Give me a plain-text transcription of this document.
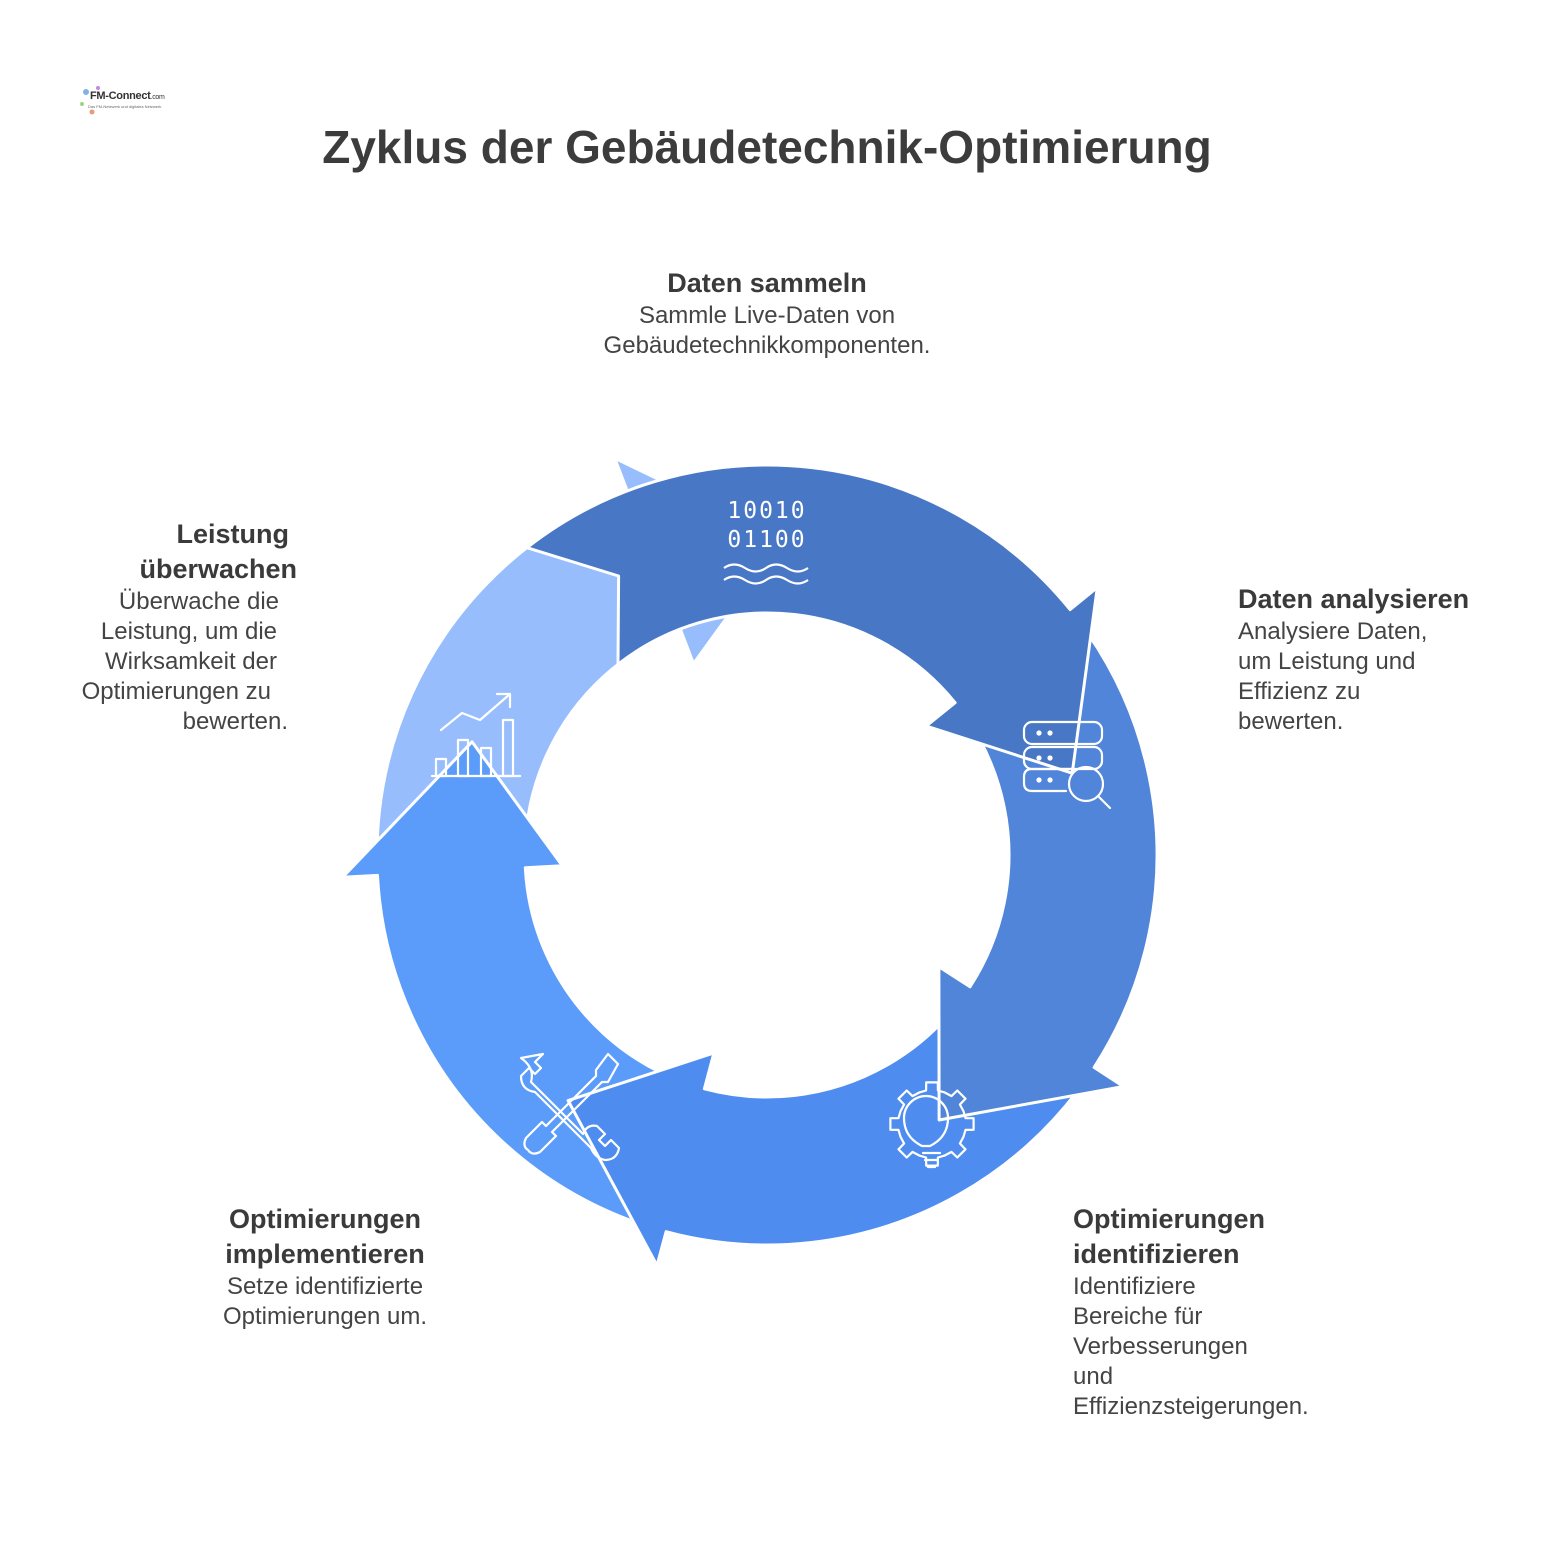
FM-Connect.com
Das FM-Netzwerk und digitales Netzwerk
Zyklus der Gebäudetechnik-Optimierung
10010
01100
Daten sammeln

Sammle Live-Daten von

Gebäudetechnikkomponenten.

Daten analysieren

Analysiere Daten,

um Leistung und

Effizienz zu

bewerten.

Optimierungen
identifizieren

Identifiziere

Bereiche für

Verbesserungen

und

Effizienzsteigerungen.

Optimierungen
implementieren

Setze identifizierte

Optimierungen um.

Leistung
überwachen

Überwache die

Leistung, um die

Wirksamkeit der

Optimierungen zu

bewerten.
